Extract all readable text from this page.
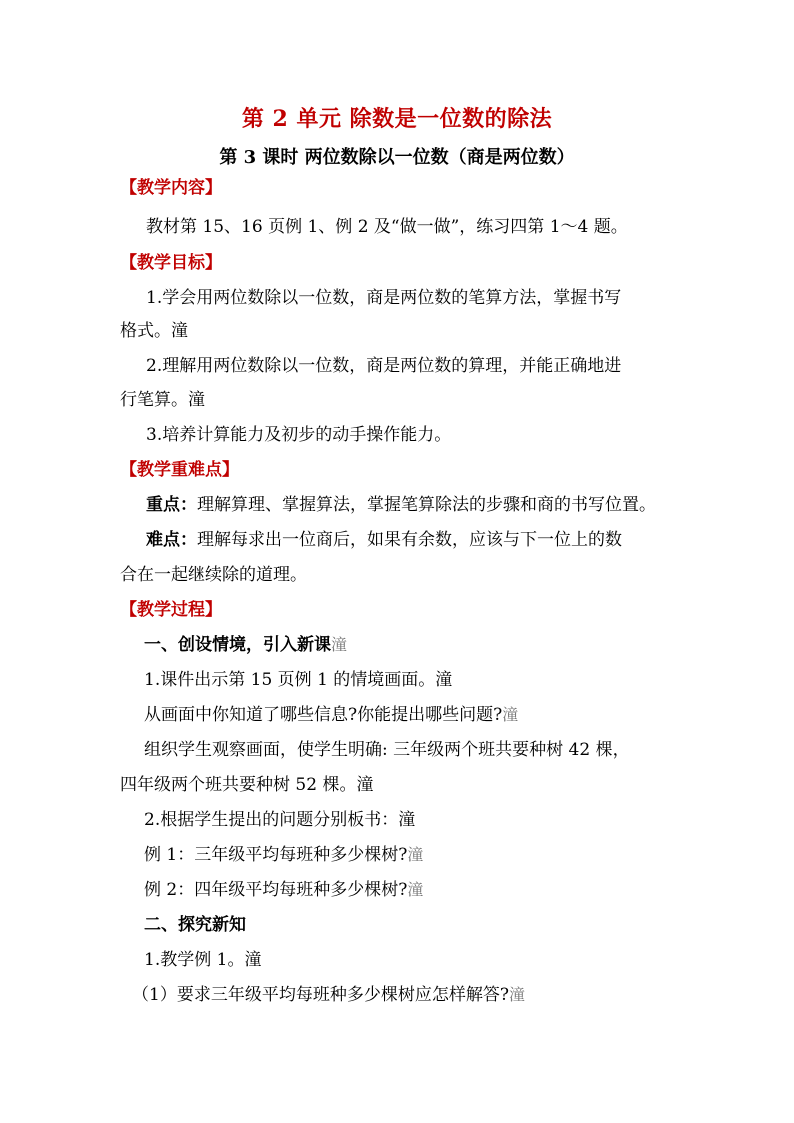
第 2 单元 除数是一位数的除法
第 3 课时 两位数除以一位数（商是两位数）
【教学内容】
教材第 15、16 页例 1、例 2 及“做一做”，练习四第 1～4 题。
【教学目标】
1.学会用两位数除以一位数，商是两位数的笔算方法，掌握书写
格式。潼
2.理解用两位数除以一位数，商是两位数的算理，并能正确地进
行笔算。潼
3.培养计算能力及初步的动手操作能力。
【教学重难点】
重点：理解算理、掌握算法，掌握笔算除法的步骤和商的书写位置。
难点：理解每求出一位商后，如果有余数，应该与下一位上的数
合在一起继续除的道理。
【教学过程】
一、创设情境，引入新课潼
1.课件出示第 15 页例 1 的情境画面。潼
从画面中你知道了哪些信息?你能提出哪些问题?潼
组织学生观察画面，使学生明确: 三年级两个班共要种树 42 棵，
四年级两个班共要种树 52 棵。潼
2.根据学生提出的问题分别板书：潼
例 1：三年级平均每班种多少棵树?潼
例 2：四年级平均每班种多少棵树?潼
二、探究新知
1.教学例 1。潼
（1）要求三年级平均每班种多少棵树应怎样解答?潼
